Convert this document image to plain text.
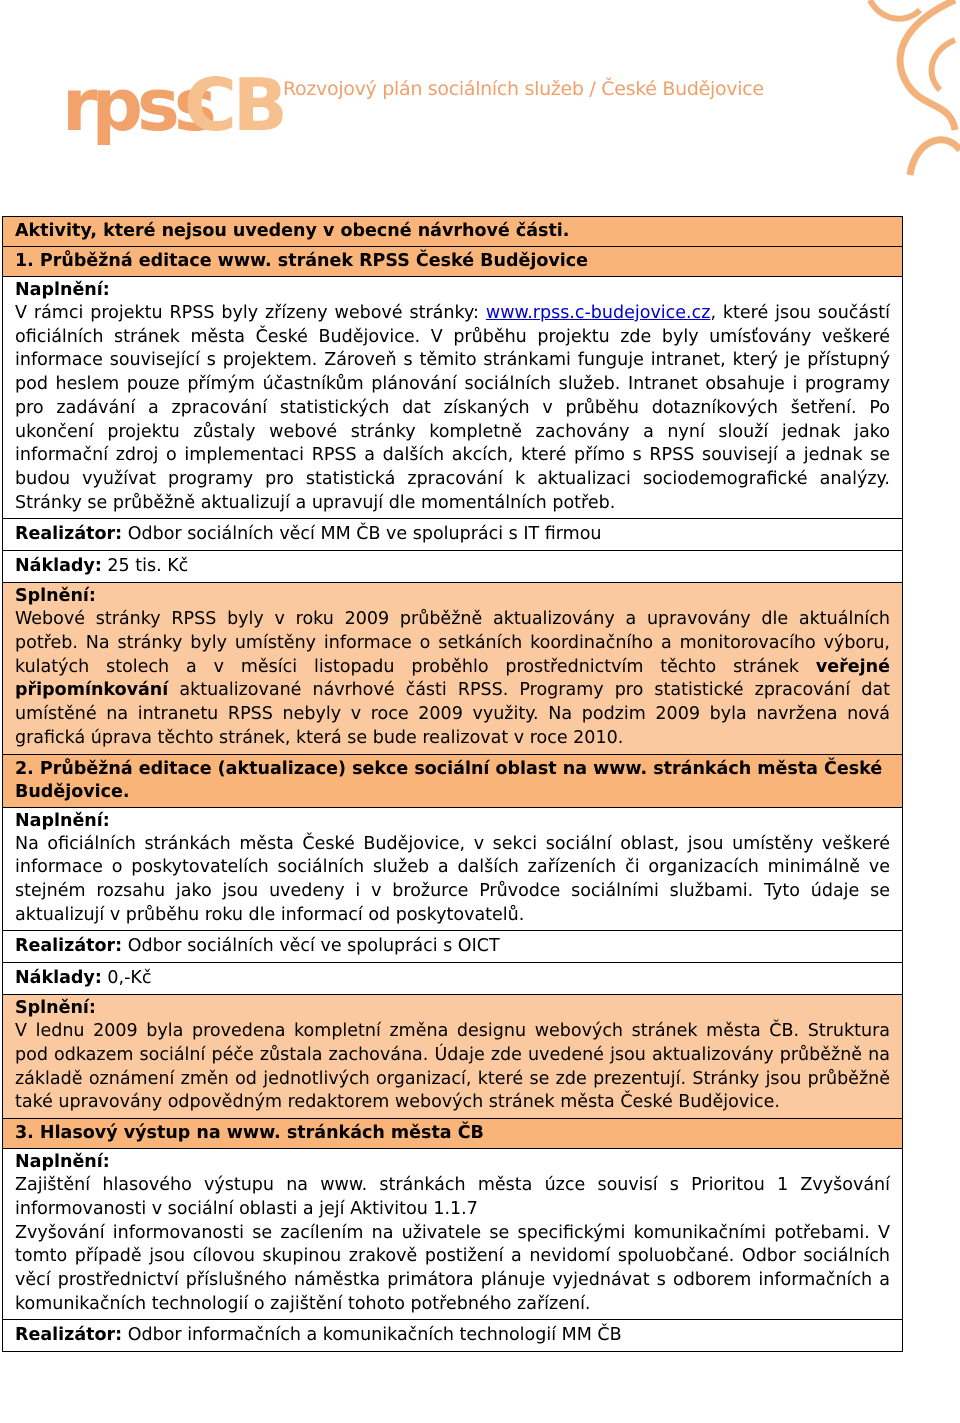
rpss
CB Rozvojový plán sociálních služeb / České Budějovice
Aktivity, které nejsou uvedeny v obecné návrhové části.
1. Průběžná editace www. stránek RPSS České Budějovice
Naplnění:
V rámci projektu RPSS byly zřízeny webové stránky: www.rpss.c-budejovice.cz, které jsou součástí oficiálních stránek města České Budějovice. V průběhu projektu zde byly umísťovány veškeré informace související s projektem. Zároveň s těmito stránkami funguje intranet, který je přístupný pod heslem pouze přímým účastníkům plánování sociálních služeb. Intranet obsahuje i programy pro zadávání a zpracování statistických dat získaných v průběhu dotazníkových šetření. Po ukončení projektu zůstaly webové stránky kompletně zachovány a nyní slouží jednak jako informační zdroj o implementaci RPSS a dalších akcích, které přímo s RPSS souvisejí a jednak se budou využívat programy pro statistická zpracování k aktualizaci sociodemografické analýzy. Stránky se průběžně aktualizují a upravují dle momentálních potřeb.
Realizátor: Odbor sociálních věcí MM ČB ve spolupráci s IT firmou
Náklady: 25 tis. Kč
Splnění:
Webové stránky RPSS byly v roku 2009 průběžně aktualizovány a upravovány dle aktuálních potřeb. Na stránky byly umístěny informace o setkáních koordinačního a monitorovacího výboru, kulatých stolech a v měsíci listopadu proběhlo prostřednictvím těchto stránek veřejné připomínkování aktualizované návrhové části RPSS. Programy pro statistické zpracování dat umístěné na intranetu RPSS nebyly v roce 2009 využity. Na podzim 2009 byla navržena nová grafická úprava těchto stránek, která se bude realizovat v roce 2010.
2. Průběžná editace (aktualizace) sekce sociální oblast na www. stránkách města České Budějovice.
Naplnění:
Na oficiálních stránkách města České Budějovice, v sekci sociální oblast, jsou umístěny veškeré informace o poskytovatelích sociálních služeb a dalších zařízeních či organizacích minimálně ve stejném rozsahu jako jsou uvedeny i v brožurce Průvodce sociálními službami. Tyto údaje se aktualizují v průběhu roku dle informací od poskytovatelů.
Realizátor: Odbor sociálních věcí ve spolupráci s OICT
Náklady: 0,-Kč
Splnění:
V lednu 2009 byla provedena kompletní změna designu webových stránek města ČB. Struktura pod odkazem sociální péče zůstala zachována. Údaje zde uvedené jsou aktualizovány průběžně na základě oznámení změn od jednotlivých organizací, které se zde prezentují. Stránky jsou průběžně také upravovány odpovědným redaktorem webových stránek města České Budějovice.
3. Hlasový výstup na www. stránkách města ČB
Naplnění:
Zajištění hlasového výstupu na www. stránkách města úzce souvisí s Prioritou 1 Zvyšování informovanosti v sociální oblasti a její Aktivitou 1.1.7
Zvyšování informovanosti se zacílením na uživatele se specifickými komunikačními potřebami. V tomto případě jsou cílovou skupinou zrakově postižení a nevidomí spoluobčané. Odbor sociálních věcí prostřednictví příslušného náměstka primátora plánuje vyjednávat s odborem informačních a komunikačních technologií o zajištění tohoto potřebného zařízení.
Realizátor: Odbor informačních a komunikačních technologií MM ČB
